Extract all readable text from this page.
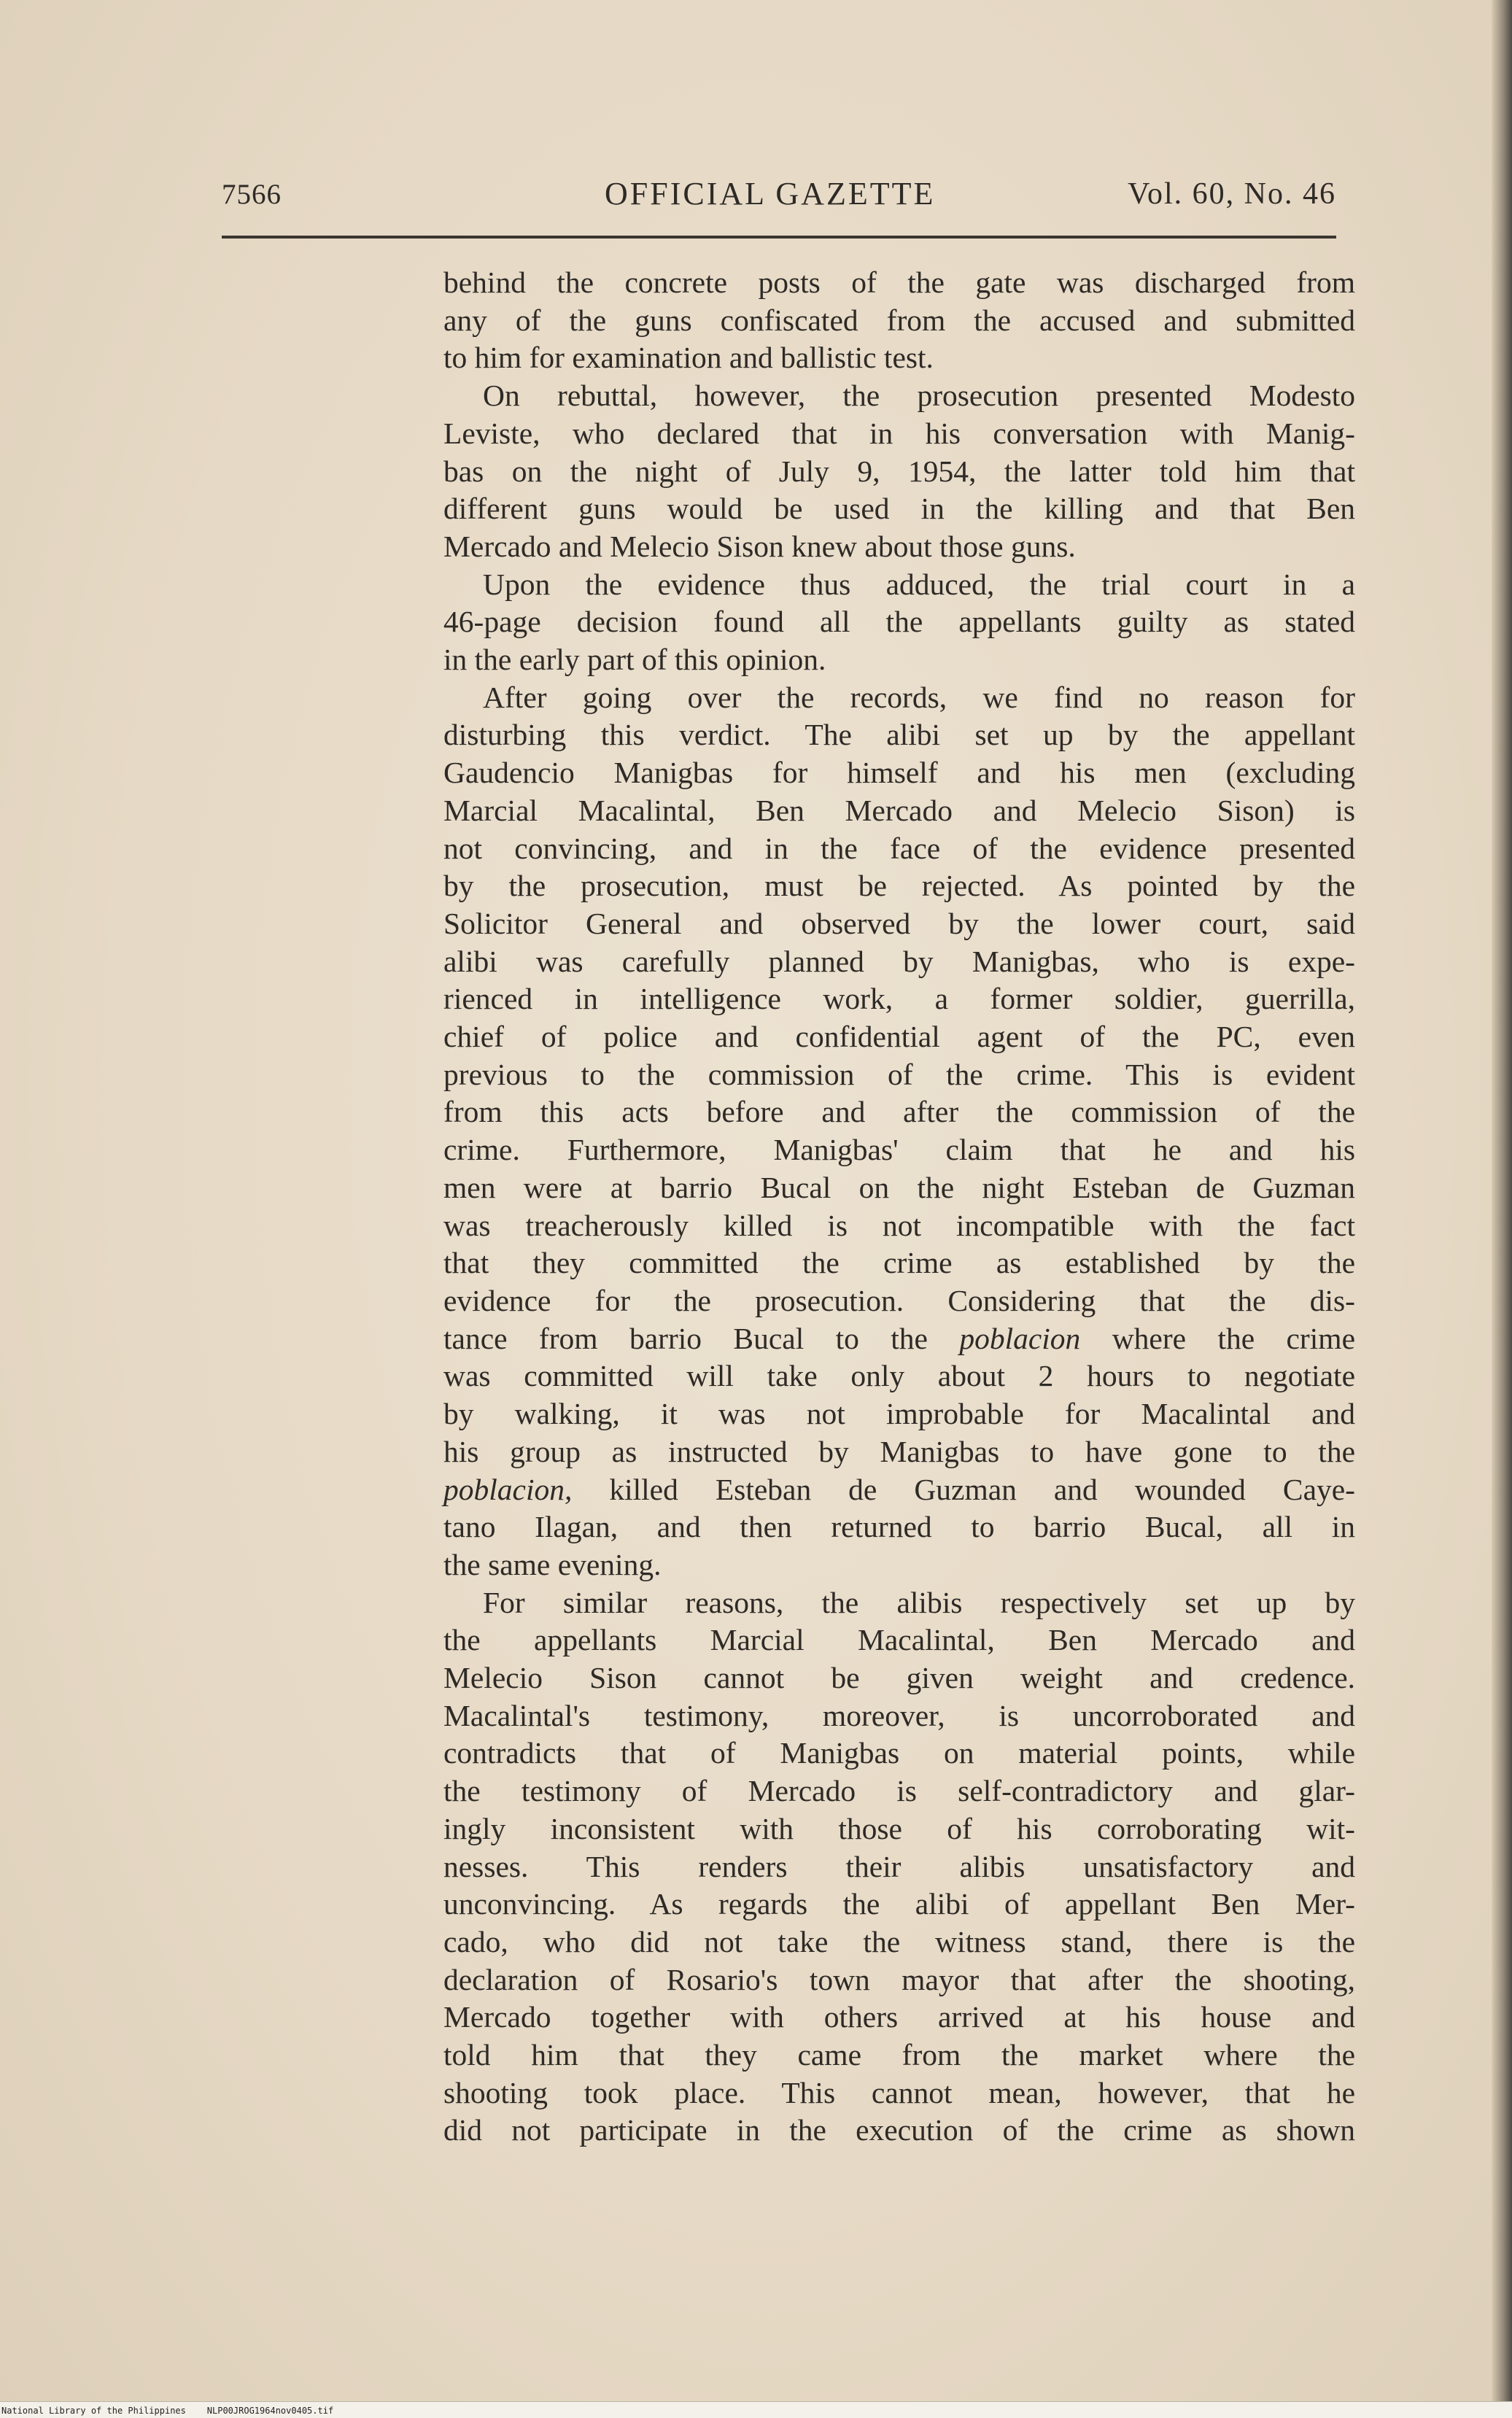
7566	OFFICIAL GAZETTE	Vol. 60, No. 46
behind the concrete posts of the gate was discharged from
any of the guns confiscated from the accused and submitted
to him for examination and ballistic test.
On rebuttal, however, the prosecution presented Modesto
Leviste, who declared that in his conversation with Manig-
bas on the night of July 9, 1954, the latter told him that
different guns would be used in the killing and that Ben
Mercado and Melecio Sison knew about those guns.
Upon the evidence thus adduced, the trial court in a
46-page decision found all the appellants guilty as stated
in the early part of this opinion.
After going over the records, we find no reason for
disturbing this verdict. The alibi set up by the appellant
Gaudencio Manigbas for himself and his men (excluding
Marcial Macalintal, Ben Mercado and Melecio Sison) is
not convincing, and in the face of the evidence presented
by the prosecution, must be rejected. As pointed by the
Solicitor General and observed by the lower court, said
alibi was carefully planned by Manigbas, who is expe-
rienced in intelligence work, a former soldier, guerrilla,
chief of police and confidential agent of the PC, even
previous to the commission of the crime. This is evident
from this acts before and after the commission of the
crime. Furthermore, Manigbas' claim that he and his
men were at barrio Bucal on the night Esteban de Guzman
was treacherously killed is not incompatible with the fact
that they committed the crime as established by the
evidence for the prosecution. Considering that the dis-
tance from barrio Bucal to the poblacion where the crime
was committed will take only about 2 hours to negotiate
by walking, it was not improbable for Macalintal and
his group as instructed by Manigbas to have gone to the
poblacion, killed Esteban de Guzman and wounded Caye-
tano Ilagan, and then returned to barrio Bucal, all in
the same evening.
For similar reasons, the alibis respectively set up by
the appellants Marcial Macalintal, Ben Mercado and
Melecio Sison cannot be given weight and credence.
Macalintal's testimony, moreover, is uncorroborated and
contradicts that of Manigbas on material points, while
the testimony of Mercado is self-contradictory and glar-
ingly inconsistent with those of his corroborating wit-
nesses. This renders their alibis unsatisfactory and
unconvincing. As regards the alibi of appellant Ben Mer-
cado, who did not take the witness stand, there is the
declaration of Rosario's town mayor that after the shooting,
Mercado together with others arrived at his house and
told him that they came from the market where the
shooting took place. This cannot mean, however, that he
did not participate in the execution of the crime as shown
National Library of the Philippines NLP00JROG1964nov0405.tif
